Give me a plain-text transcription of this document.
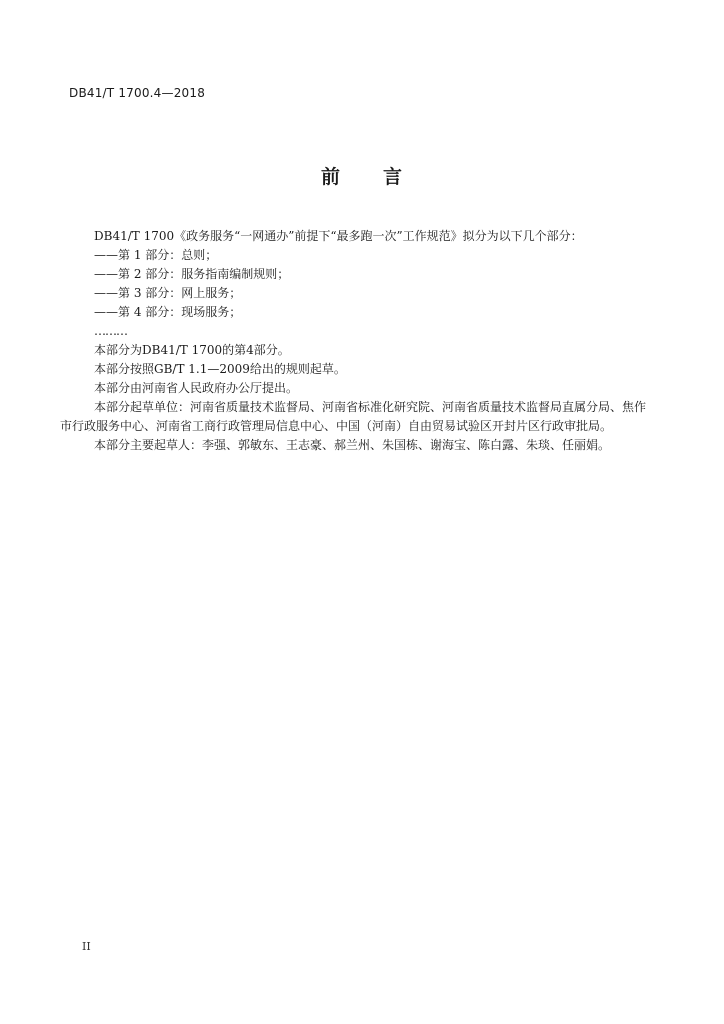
DB41/T 1700.4—2018
前 言

DB41/T 1700《政务服务“一网通办”前提下“最多跑一次”工作规范》拟分为以下几个部分：

——第 1 部分：总则；

——第 2 部分：服务指南编制规则；

——第 3 部分：网上服务；

——第 4 部分：现场服务；

………

本部分为DB41/T 1700的第4部分。

本部分按照GB/T 1.1—2009给出的规则起草。

本部分由河南省人民政府办公厅提出。

本部分起草单位：河南省质量技术监督局、河南省标准化研究院、河南省质量技术监督局直属分局、焦作市行政服务中心、河南省工商行政管理局信息中心、中国（河南）自由贸易试验区开封片区行政审批局。

本部分主要起草人：李强、郭敏东、王志豪、郝兰州、朱国栋、谢海宝、陈白露、朱琰、任丽娟。

II
